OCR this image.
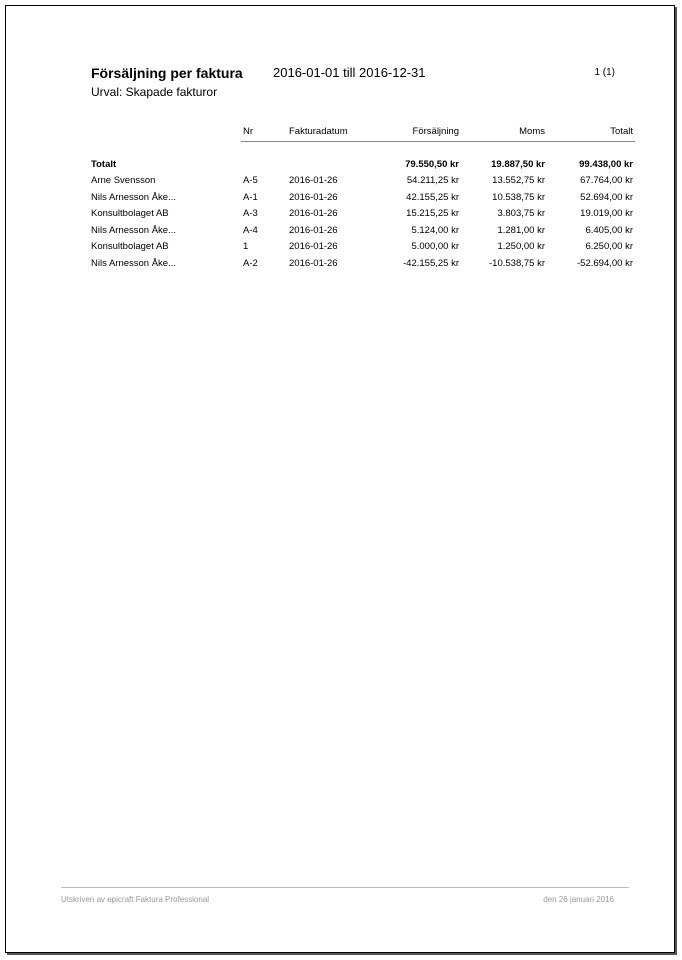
Försäljning per faktura 2016-01-01 till 2016-12-31	1 (1)
Urval: Skapade fakturor
	Nr	Fakturadatum	Försäljning	Moms	Totalt

Totalt			79.550,50 kr	19.887,50 kr	99.438,00 kr
Arne Svensson	A-5	2016-01-26	54.211,25 kr	13.552,75 kr	67.764,00 kr
Nils Arnesson Åke...	A-1	2016-01-26	42.155,25 kr	10.538,75 kr	52.694,00 kr
Konsultbolaget AB	A-3	2016-01-26	15.215,25 kr	3.803,75 kr	19.019,00 kr
Nils Arnesson Åke...	A-4	2016-01-26	5.124,00 kr	1.281,00 kr	6.405,00 kr
Konsultbolaget AB	1	2016-01-26	5.000,00 kr	1.250,00 kr	6.250,00 kr
Nils Arnesson Åke...	A-2	2016-01-26	-42.155,25 kr	-10.538,75 kr	-52.694,00 kr
Utskriven av epicraft Faktura Professional	den 26 januari 2016
